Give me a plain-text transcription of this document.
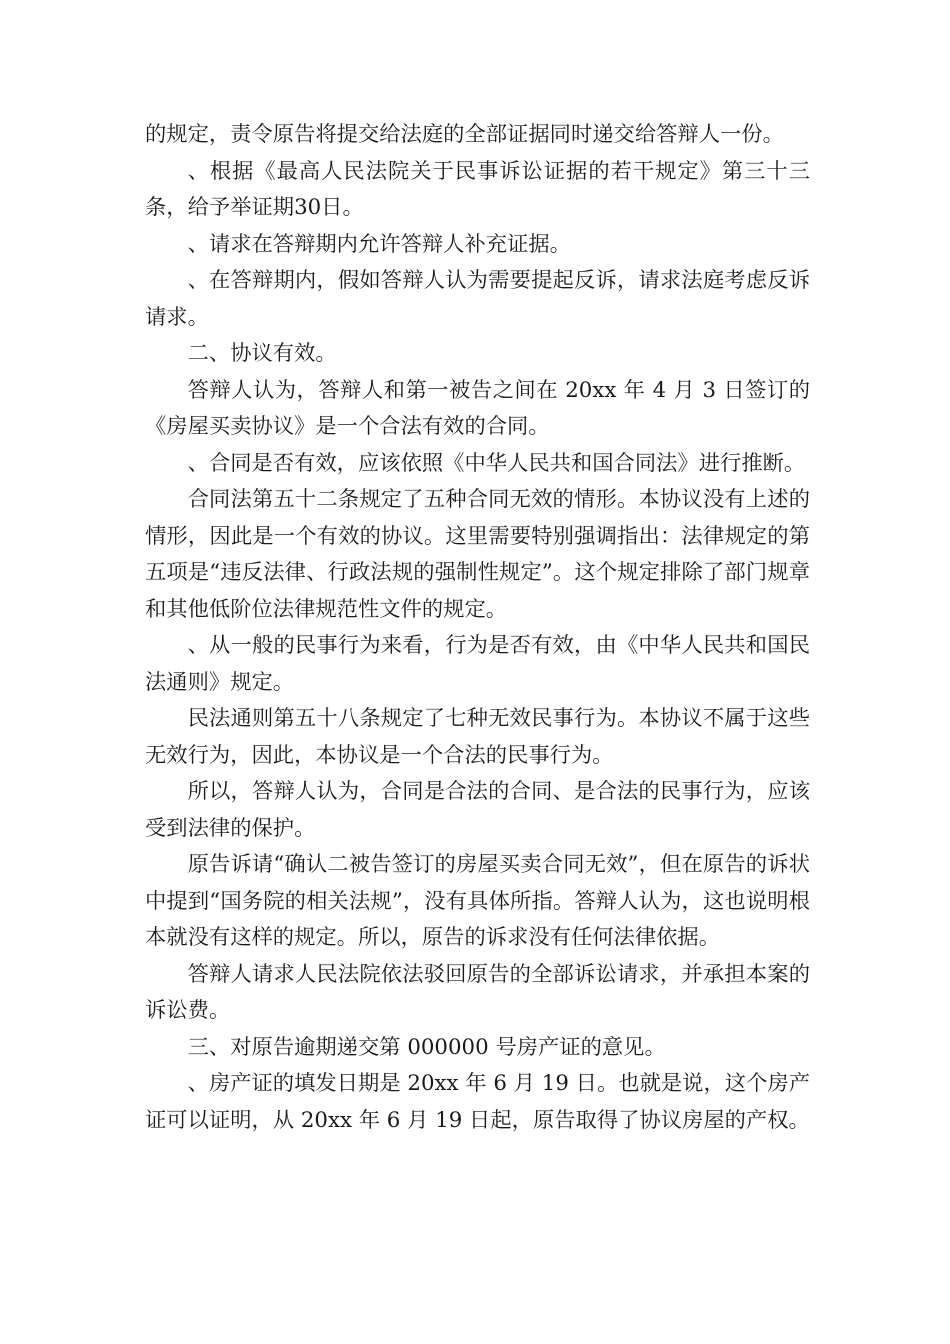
的规定，责令原告将提交给法庭的全部证据同时递交给答辩人一份。

、根据《最高人民法院关于民事诉讼证据的若干规定》第三十三条，给予举证期30日。

、请求在答辩期内允许答辩人补充证据。

、在答辩期内，假如答辩人认为需要提起反诉，请求法庭考虑反诉请求。

二、协议有效。

答辩人认为，答辩人和第一被告之间在 20xx 年 4 月 3 日签订的《房屋买卖协议》是一个合法有效的合同。

、合同是否有效，应该依照《中华人民共和国合同法》进行推断。

合同法第五十二条规定了五种合同无效的情形。本协议没有上述的情形，因此是一个有效的协议。这里需要特别强调指出：法律规定的第五项是“违反法律、行政法规的强制性规定”。这个规定排除了部门规章和其他低阶位法律规范性文件的规定。

、从一般的民事行为来看，行为是否有效，由《中华人民共和国民法通则》规定。

民法通则第五十八条规定了七种无效民事行为。本协议不属于这些无效行为，因此，本协议是一个合法的民事行为。

所以，答辩人认为，合同是合法的合同、是合法的民事行为，应该受到法律的保护。

原告诉请“确认二被告签订的房屋买卖合同无效”，但在原告的诉状中提到“国务院的相关法规”，没有具体所指。答辩人认为，这也说明根本就没有这样的规定。所以，原告的诉求没有任何法律依据。

答辩人请求人民法院依法驳回原告的全部诉讼请求，并承担本案的诉讼费。

三、对原告逾期递交第 000000 号房产证的意见。

、房产证的填发日期是 20xx 年 6 月 19 日。也就是说，这个房产证可以证明，从 20xx 年 6 月 19 日起，原告取得了协议房屋的产权。
